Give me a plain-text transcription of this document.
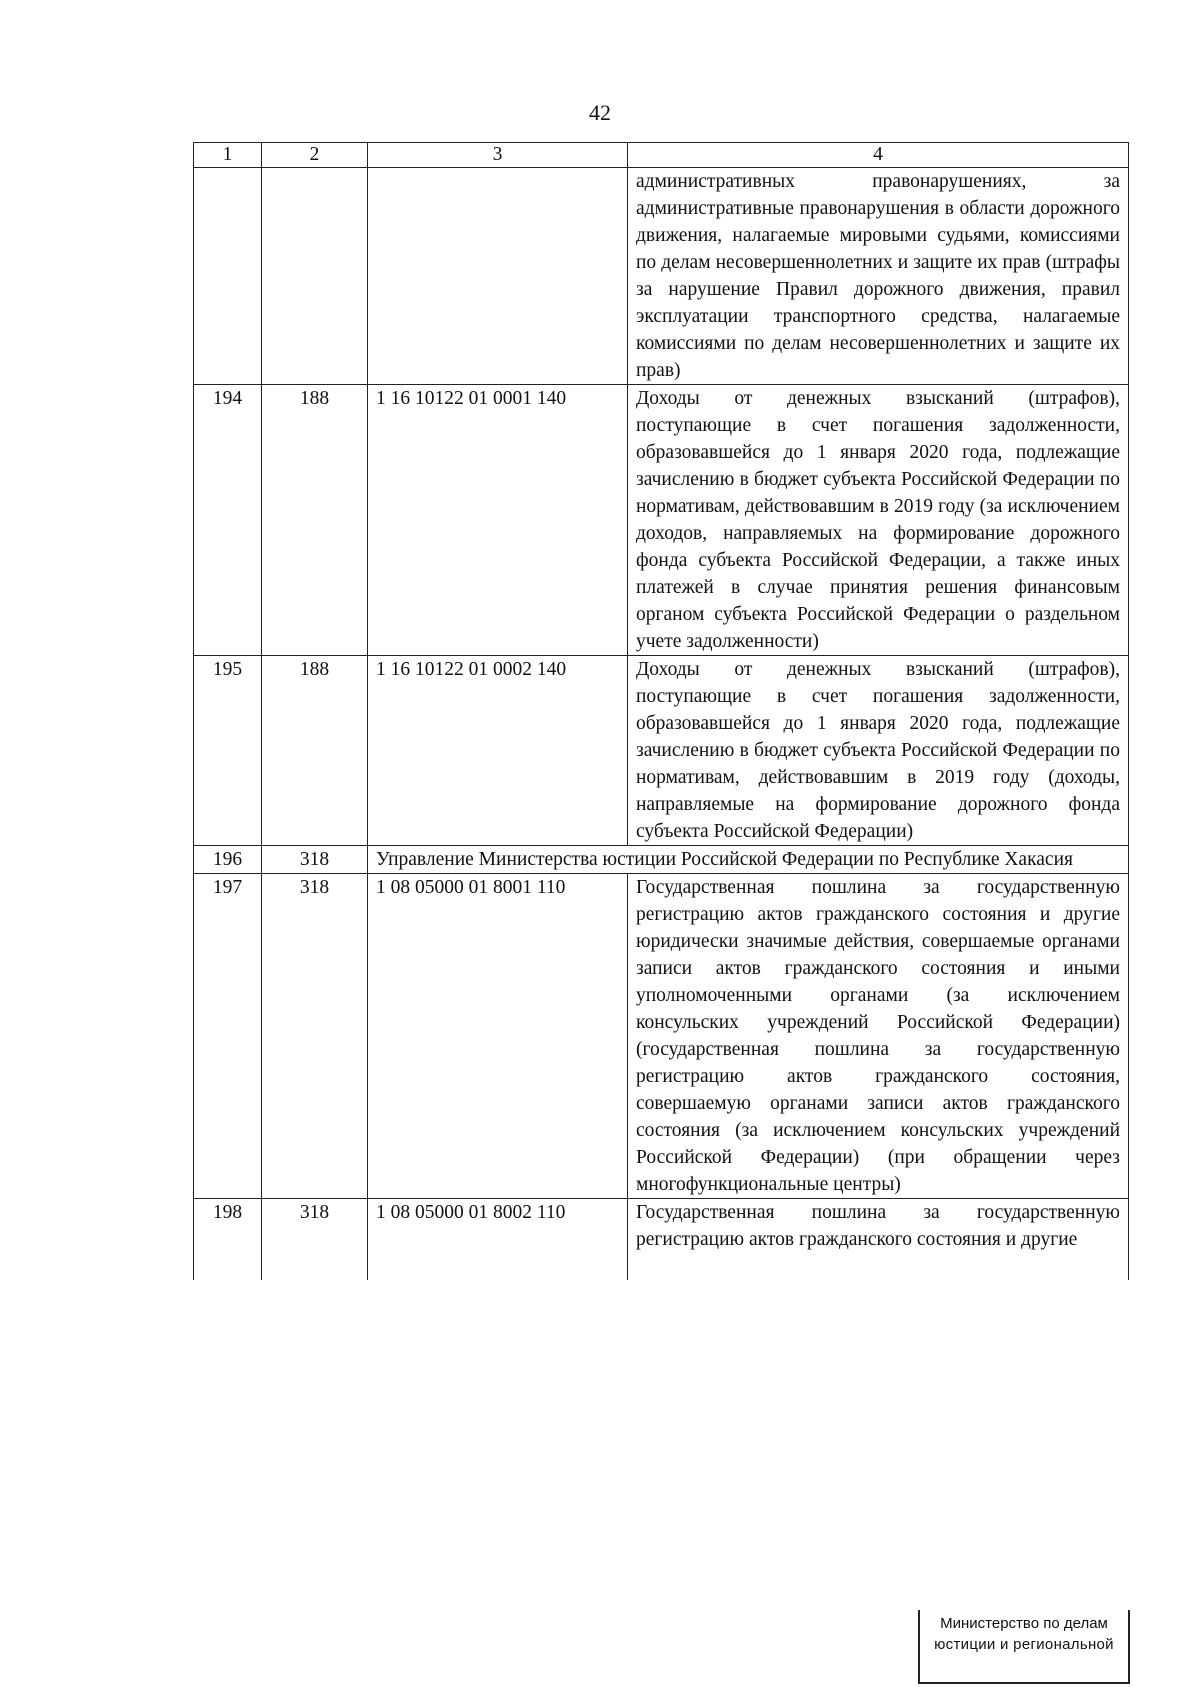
42
1	2	3	4
			административных правонарушениях, за административные правонарушения в области дорожного движения, налагаемые мировыми судьями, комиссиями по делам несовершеннолетних и защите их прав (штрафы за нарушение Правил дорожного движения, правил эксплуатации транспортного средства, налагаемые комиссиями по делам несовершеннолетних и защите их прав)
194	188	1 16 10122 01 0001 140	Доходы от денежных взысканий (штрафов), поступающие в счет погашения задолженности, образовавшейся до 1 января 2020 года, подлежащие зачислению в бюджет субъекта Российской Федерации по нормативам, действовавшим в 2019 году (за исключением доходов, направляемых на формирование дорожного фонда субъекта Российской Федерации, а также иных платежей в случае принятия решения финансовым органом субъекта Российской Федерации о раздельном учете задолженности)
195	188	1 16 10122 01 0002 140	Доходы от денежных взысканий (штрафов), поступающие в счет погашения задолженности, образовавшейся до 1 января 2020 года, подлежащие зачислению в бюджет субъекта Российской Федерации по нормативам, действовавшим в 2019 году (доходы, направляемые на формирование дорожного фонда субъекта Российской Федерации)
196	318	Управление Министерства юстиции Российской Федерации по Республике Хакасия	
197	318	1 08 05000 01 8001 110	Государственная пошлина за государственную регистрацию актов гражданского состояния и другие юридически значимые действия, совершаемые органами записи актов гражданского состояния и иными уполномоченными органами (за исключением консульских учреждений Российской Федерации) (государственная пошлина за государственную регистрацию актов гражданского состояния, совершаемую органами записи актов гражданского состояния (за исключением консульских учреждений Российской Федерации) (при обращении через многофункциональные центры)
198	318	1 08 05000 01 8002 110	Государственная пошлина за государственную регистрацию актов гражданского состояния и другие
Министерство по делам
юстиции и региональной
